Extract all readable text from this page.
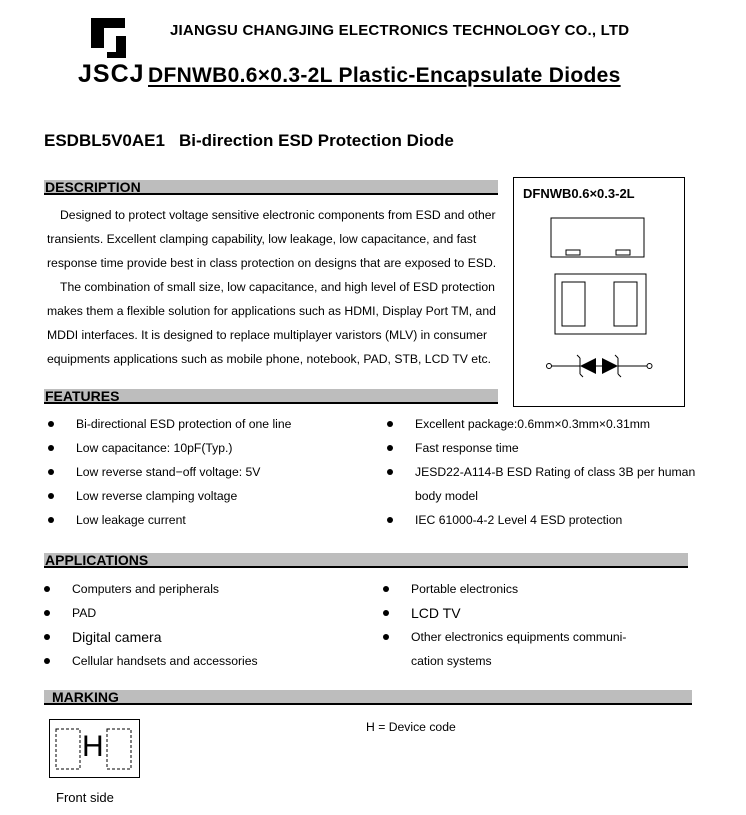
JSCJ
JIANGSU CHANGJING ELECTRONICS TECHNOLOGY CO., LTD
DFNWB0.6×0.3-2L Plastic-Encapsulate Diodes
ESDBL5V0AE1 Bi-direction ESD Protection Diode
DESCRIPTION
Designed to protect voltage sensitive electronic components from ESD and other
transients. Excellent clamping capability, low leakage, low capacitance, and fast
response time provide best in class protection on designs that are exposed to ESD.
The combination of small size, low capacitance, and high level of ESD protection
makes them a flexible solution for applications such as HDMI, Display Port TM, and
MDDI interfaces. It is designed to replace multiplayer varistors (MLV) in consumer
equipments applications such as mobile phone, notebook, PAD, STB, LCD TV etc.
DFNWB0.6×0.3-2L
FEATURES
Bi-directional ESD protection of one line
Low capacitance: 10pF(Typ.)
Low reverse stand−off voltage: 5V
Low reverse clamping voltage
Low leakage current
Excellent package:0.6mm×0.3mm×0.31mm
Fast response time
JESD22-A114-B ESD Rating of class 3B per human
body model
IEC 61000-4-2 Level 4 ESD protection
APPLICATIONS
Computers and peripherals
PAD
Digital camera
Cellular handsets and accessories
Portable electronics
LCD TV
Other electronics equipments communi-
cation systems
MARKING
H
Front side
H = Device code
